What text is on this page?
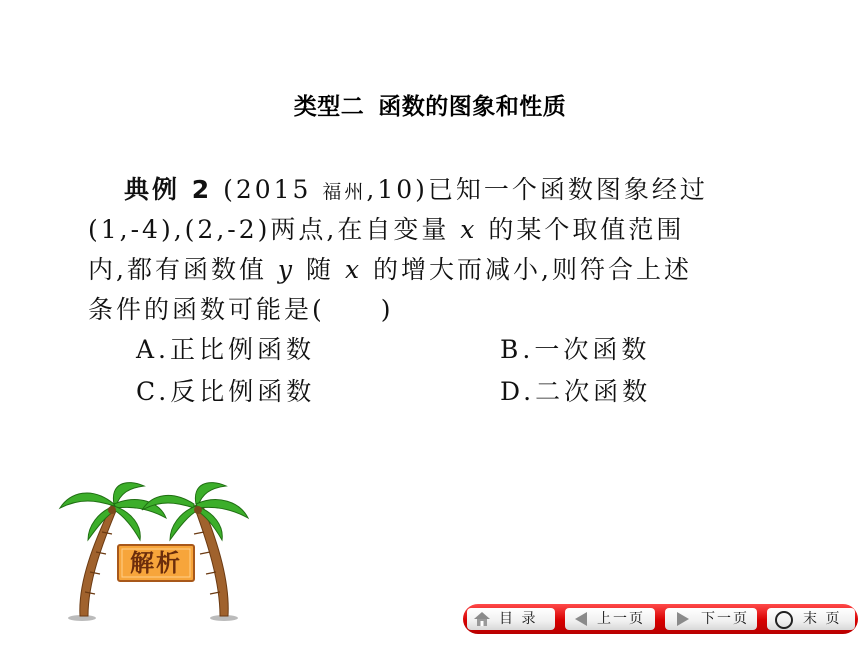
类型二 函数的图象和性质
典例 2 (2015 福州,10)已知一个函数图象经过
(1,-4),(2,-2)两点,在自变量 x 的某个取值范围
内,都有函数值 y 随 x 的增大而减小,则符合上述
条件的函数可能是( )
A.正比例函数	B.一次函数
C.反比例函数	D.二次函数
解析
目 录	上一页	下一页	末 页
